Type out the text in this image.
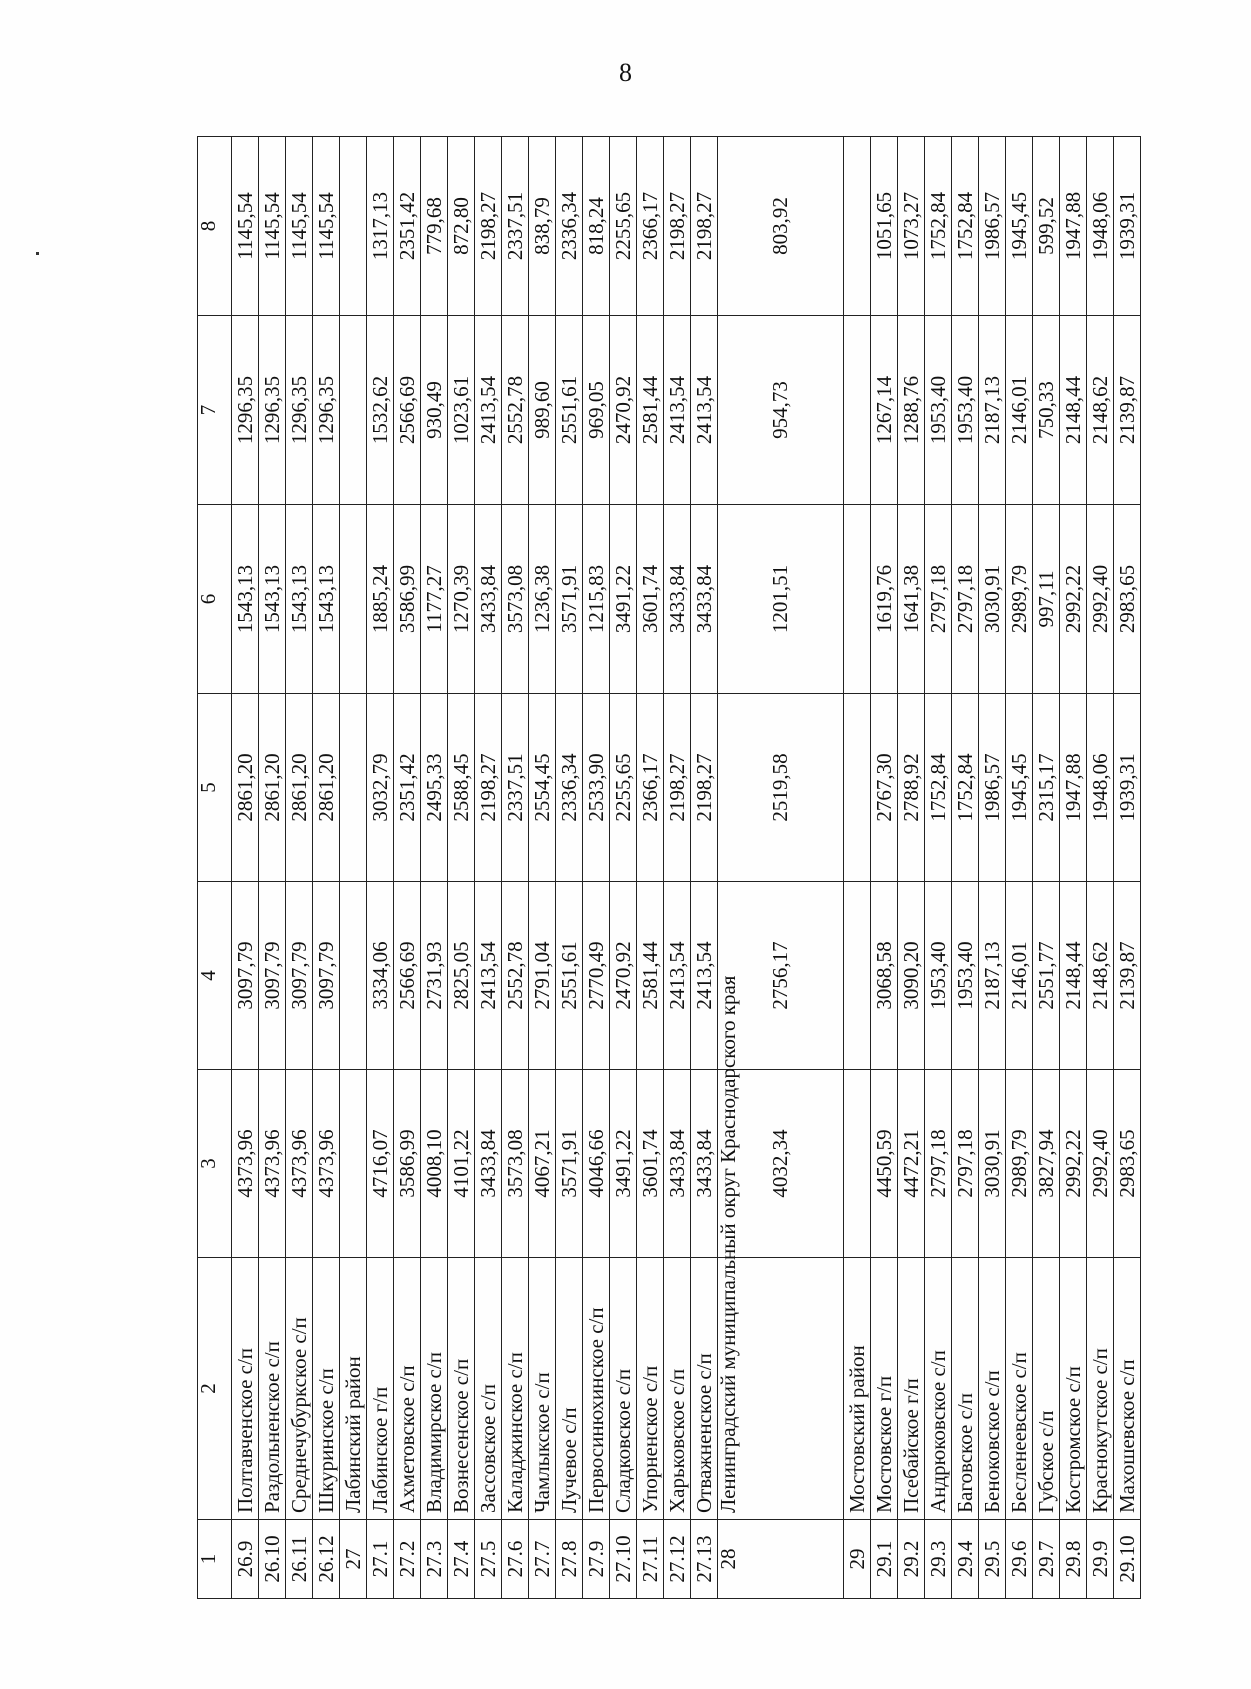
8
1	2	3	4	5	6	7	8
26.9	Полтавченское с/п	4373,96	3097,79	2861,20	1543,13	1296,35	1145,54
26.10	Раздольненское с/п	4373,96	3097,79	2861,20	1543,13	1296,35	1145,54
26.11	Среднечубуркское с/п	4373,96	3097,79	2861,20	1543,13	1296,35	1145,54
26.12	Шкуринское с/п	4373,96	3097,79	2861,20	1543,13	1296,35	1145,54
27	Лабинский район						
27.1	Лабинское г/п	4716,07	3334,06	3032,79	1885,24	1532,62	1317,13
27.2	Ахметовское с/п	3586,99	2566,69	2351,42	3586,99	2566,69	2351,42
27.3	Владимирское с/п	4008,10	2731,93	2495,33	1177,27	930,49	779,68
27.4	Вознесенское с/п	4101,22	2825,05	2588,45	1270,39	1023,61	872,80
27.5	Зассовское с/п	3433,84	2413,54	2198,27	3433,84	2413,54	2198,27
27.6	Каладжинское с/п	3573,08	2552,78	2337,51	3573,08	2552,78	2337,51
27.7	Чамлыкское с/п	4067,21	2791,04	2554,45	1236,38	989,60	838,79
27.8	Лучевое с/п	3571,91	2551,61	2336,34	3571,91	2551,61	2336,34
27.9	Первосинюхинское с/п	4046,66	2770,49	2533,90	1215,83	969,05	818,24
27.10	Сладковское с/п	3491,22	2470,92	2255,65	3491,22	2470,92	2255,65
27.11	Упорненское с/п	3601,74	2581,44	2366,17	3601,74	2581,44	2366,17
27.12	Харьковское с/п	3433,84	2413,54	2198,27	3433,84	2413,54	2198,27
27.13	Отважненское с/п	3433,84	2413,54	2198,27	3433,84	2413,54	2198,27
28	Ленинградский муниципальный округ Краснодарского края	4032,34	2756,17	2519,58	1201,51	954,73	803,92
29	Мостовский район						
29.1	Мостовское г/п	4450,59	3068,58	2767,30	1619,76	1267,14	1051,65
29.2	Псебайское г/п	4472,21	3090,20	2788,92	1641,38	1288,76	1073,27
29.3	Андрюковское с/п	2797,18	1953,40	1752,84	2797,18	1953,40	1752,84
29.4	Баговское с/п	2797,18	1953,40	1752,84	2797,18	1953,40	1752,84
29.5	Беноковское с/п	3030,91	2187,13	1986,57	3030,91	2187,13	1986,57
29.6	Бесленеевское с/п	2989,79	2146,01	1945,45	2989,79	2146,01	1945,45
29.7	Губское с/п	3827,94	2551,77	2315,17	997,11	750,33	599,52
29.8	Костромское с/п	2992,22	2148,44	1947,88	2992,22	2148,44	1947,88
29.9	Краснокутское с/п	2992,40	2148,62	1948,06	2992,40	2148,62	1948,06
29.10	Махошевское с/п	2983,65	2139,87	1939,31	2983,65	2139,87	1939,31
